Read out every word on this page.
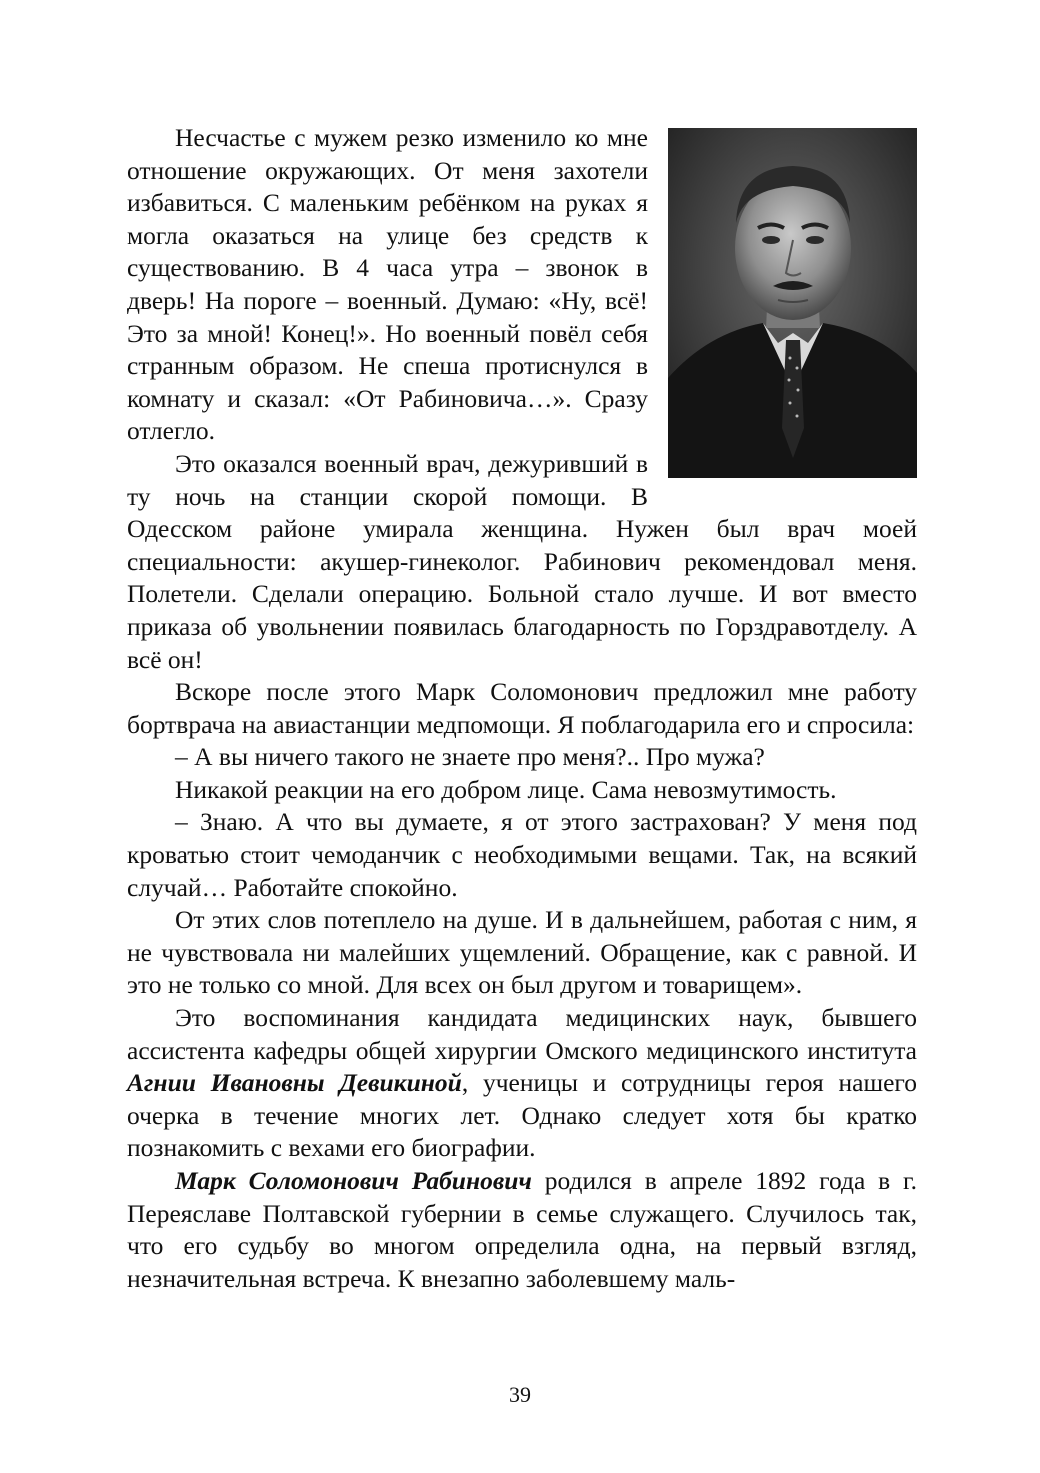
Несчастье с мужем резко изменило ко мне отношение окружающих. От меня захотели избавиться. С маленьким ребёнком на руках я могла оказаться на улице без средств к существованию. В 4 часа утра – звонок в дверь! На пороге – военный. Думаю: «Ну, всё! Это за мной! Конец!». Но военный повёл себя странным образом. Не спеша протиснулся в комнату и сказал: «От Рабиновича…». Сразу отлегло.

Это оказался военный врач, дежуривший в ту ночь на станции скорой помощи. В Одесском районе умирала женщина. Нужен был врач моей специальности: акушер-гинеколог. Рабинович рекомендовал меня. Полетели. Сделали операцию. Больной стало лучше. И вот вместо приказа об увольнении появилась благодарность по Горздравотделу. А всё он!

Вскоре после этого Марк Соломонович предложил мне работу бортврача на авиастанции медпомощи. Я поблагодарила его и спросила:

– А вы ничего такого не знаете про меня?.. Про мужа?

Никакой реакции на его добром лице. Сама невозмутимость.

– Знаю. А что вы думаете, я от этого застрахован? У меня под кроватью стоит чемоданчик с необходимыми вещами. Так, на всякий случай… Работайте спокойно.

От этих слов потеплело на душе. И в дальнейшем, работая с ним, я не чувствовала ни малейших ущемлений. Обращение, как с равной. И это не только со мной. Для всех он был другом и товарищем».

Это воспоминания кандидата медицинских наук, бывшего ассистента кафедры общей хирургии Омского медицинского института Агнии Ивановны Девикиной, ученицы и сотрудницы героя нашего очерка в течение многих лет. Однако следует хотя бы кратко познакомить с вехами его биографии.

Марк Соломонович Рабинович родился в апреле 1892 года в г. Переяславе Полтавской губернии в семье служащего. Случилось так, что его судьбу во многом определила одна, на первый взгляд, незначительная встреча. К внезапно заболевшему маль-

39
